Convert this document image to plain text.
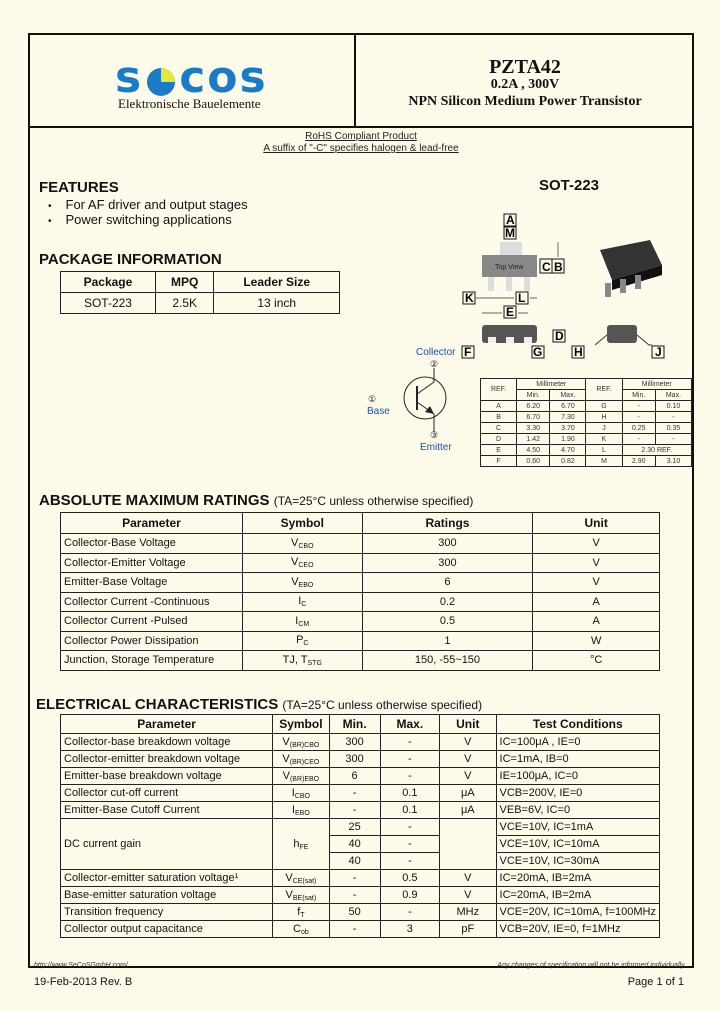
s cos
Elektronische Bauelemente
PZTA42
0.2A , 300V
NPN Silicon Medium Power Transistor
RoHS Compliant Product
A suffix of "-C" specifies halogen & lead-free
FEATURES
• For AF driver and output stages
• Power switching applications
SOT-223
PACKAGE INFORMATION
Package	MPQ	Leader Size
SOT-223	2.5K	13 inch
Top View
A
M
C B
K	L
E
D
F	G	H	J
Collector
②
①
Base
③
Emitter
REF.	Millimeter		REF.	Millimeter	
	Min.	Max.		Min.	Max.
A	6.20	6.70	G	-	0.10
B	6.70	7.30	H	-	-
C	3.30	3.70	J	0.25	0.35
D	1.42	1.90	K	-	-
E	4.50	4.70	L	2.30 REF.	
F	0.60	0.82	M	2.90	3.10
ABSOLUTE MAXIMUM RATINGS (TA=25°C unless otherwise specified)
Parameter	Symbol	Ratings	Unit
Collector-Base Voltage	$V_{CBO}$	300	V
Collector-Emitter Voltage	$V_{CEO}$	300	V
Emitter-Base Voltage	$V_{EBO}$	6	V
Collector Current -Continuous	$I_C$	0.2	A
Collector Current -Pulsed	$I_{CM}$	0.5	A
Collector Power Dissipation	$P_C$	1	W
Junction, Storage Temperature	TJ, $T_{STG}$	150, -55~150	°C
ELECTRICAL CHARACTERISTICS (TA=25°C unless otherwise specified)
Parameter	Symbol	Min.	Max.	Unit	Test Conditions
Collector-base breakdown voltage	$V_{(BR)CBO}$	300	-	V	IC=100μA , IE=0
Collector-emitter breakdown voltage	$V_{(BR)CEO}$	300	-	V	IC=1mA, IB=0
Emitter-base breakdown voltage	$V_{(BR)EBO}$	6	-	V	IE=100μA, IC=0
Collector cut-off current	$I_{CBO}$	-	0.1	μA	VCB=200V, IE=0
Emitter-Base Cutoff Current	$I_{EBO}$	-	0.1	μA	VEB=6V, IC=0
DC current gain	$h_{FE}$	25	-		VCE=10V, IC=1mA
		40	-		VCE=10V, IC=10mA
		40	-		VCE=10V, IC=30mA
Collector-emitter saturation voltage¹	$V_{CE(sat)}$	-	0.5	V	IC=20mA, IB=2mA
Base-emitter saturation voltage	$V_{BE(sat)}$	-	0.9	V	IC=20mA, IB=2mA
Transition frequency	$f_T$	50	-	MHz	VCE=20V, IC=10mA, f=100MHz
Collector output capacitance	$C_{ob}$	-	3	pF	VCB=20V, IE=0, f=1MHz
http://www.SeCoSGmbH.com/	Any changes of specification will not be informed individually.
19-Feb-2013 Rev. B	Page 1 of 1
